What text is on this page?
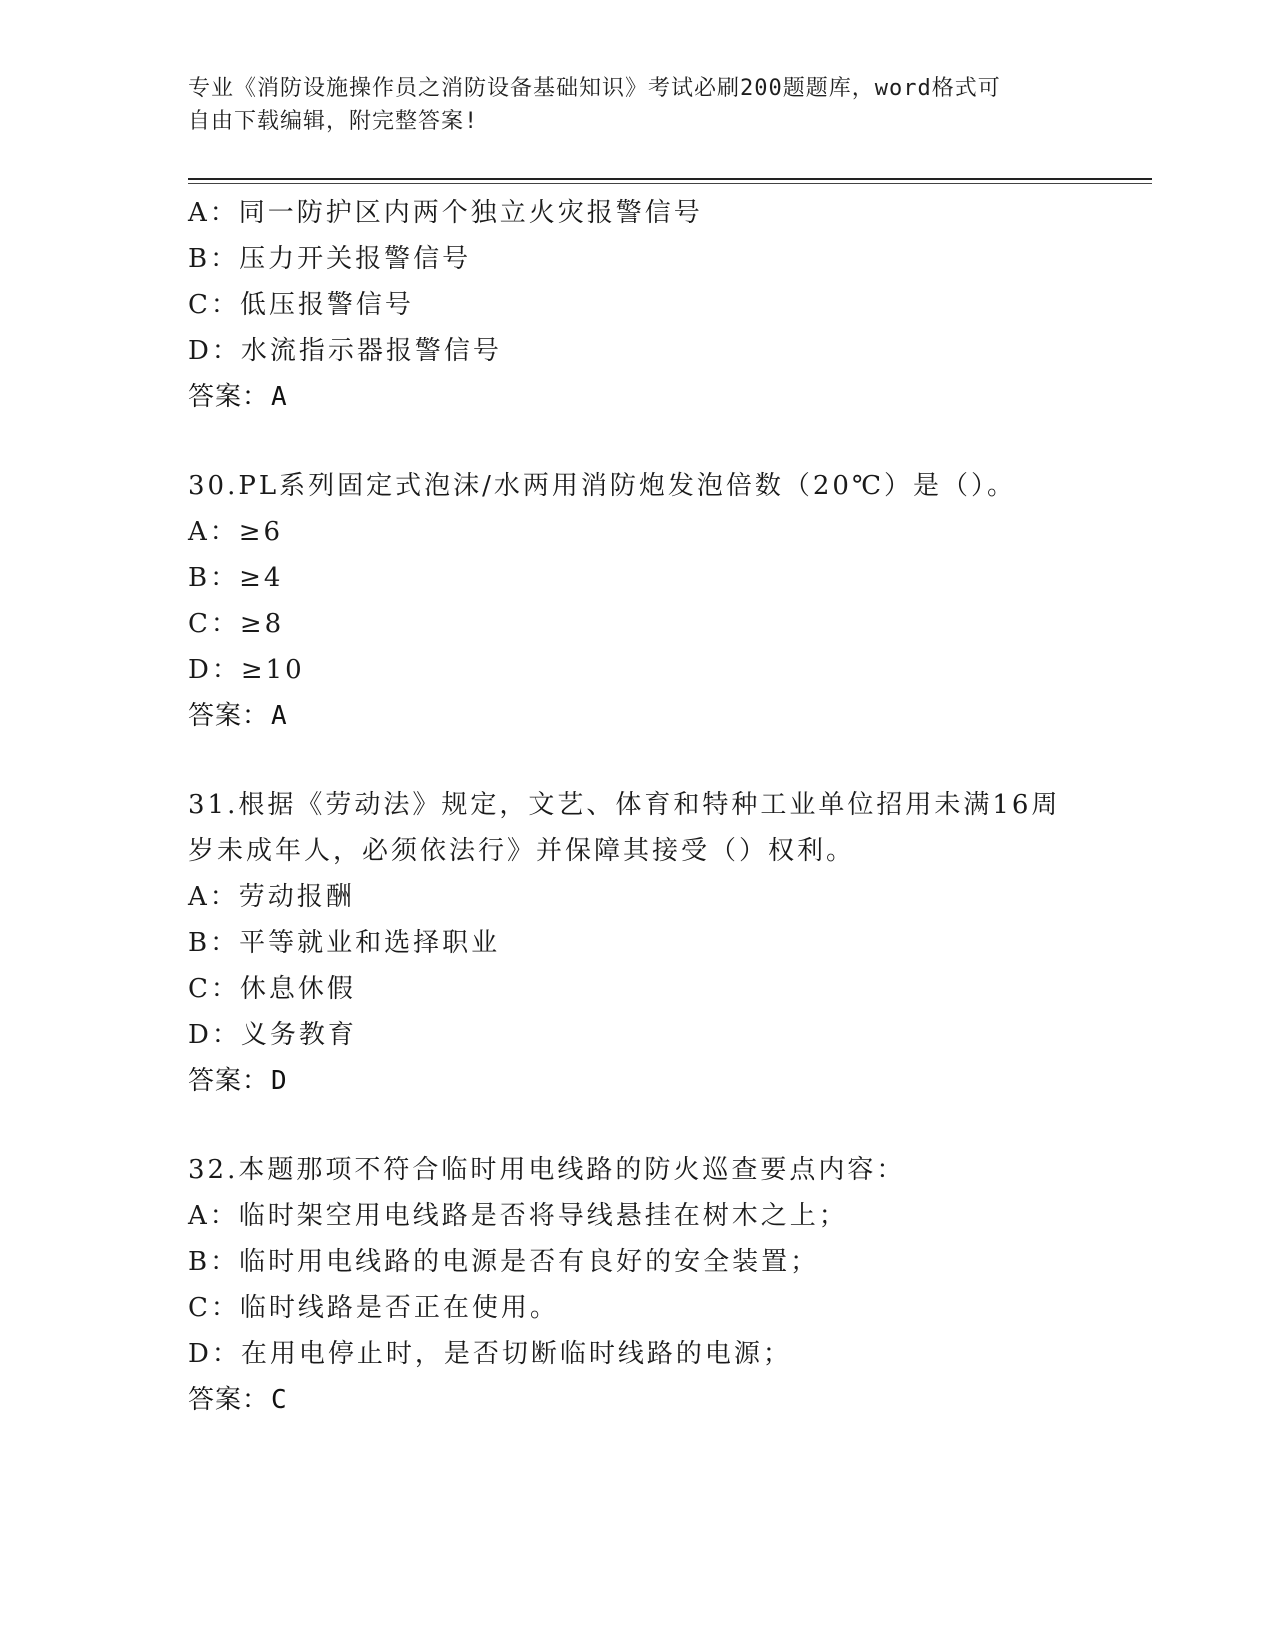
专业《消防设施操作员之消防设备基础知识》考试必刷200题题库，word格式可
自由下载编辑，附完整答案!
A：同一防护区内两个独立火灾报警信号
B：压力开关报警信号
C：低压报警信号
D：水流指示器报警信号
答案：A
30.PL系列固定式泡沫/水两用消防炮发泡倍数（20℃）是（）。
A：≥6
B：≥4
C：≥8
D：≥10
答案：A
31.根据《劳动法》规定，文艺、体育和特种工业单位招用未满16周
岁未成年人，必须依法行》并保障其接受（）权利。
A：劳动报酬
B：平等就业和选择职业
C：休息休假
D：义务教育
答案：D
32.本题那项不符合临时用电线路的防火巡查要点内容：
A：临时架空用电线路是否将导线悬挂在树木之上；
B：临时用电线路的电源是否有良好的安全装置；
C：临时线路是否正在使用。
D：在用电停止时，是否切断临时线路的电源；
答案：C
